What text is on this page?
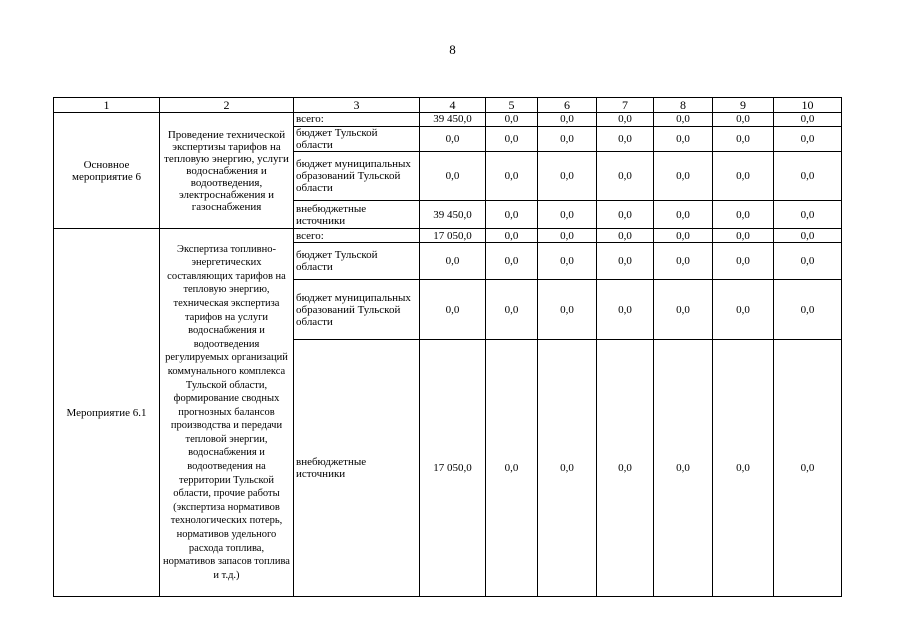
8
1	2	3	4	5	6	7	8	9	10
Основное мероприятие 6	Проведение технической экспертизы тарифов на тепловую энергию, услуги водоснабжения и водоотведения, электроснабжения и газоснабжения	всего:	39 450,0	0,0	0,0	0,0	0,0	0,0	0,0
		бюджет Тульской области	0,0	0,0	0,0	0,0	0,0	0,0	0,0
		бюджет муниципальных образований Тульской области	0,0	0,0	0,0	0,0	0,0	0,0	0,0
		внебюджетные источники	39 450,0	0,0	0,0	0,0	0,0	0,0	0,0
Мероприятие 6.1	Экспертиза топливно-энергетических составляющих тарифов на тепловую энергию, техническая экспертиза тарифов на услуги водоснабжения и водоотведения регулируемых организаций коммунального комплекса Тульской области, формирование сводных прогнозных балансов производства и передачи тепловой энергии, водоснабжения и водоотведения на территории Тульской области, прочие работы (экспертиза нормативов технологических потерь, нормативов удельного расхода топлива, нормативов запасов топлива и т.д.)	всего:	17 050,0	0,0	0,0	0,0	0,0	0,0	0,0
		бюджет Тульской области	0,0	0,0	0,0	0,0	0,0	0,0	0,0
		бюджет муниципальных образований Тульской области	0,0	0,0	0,0	0,0	0,0	0,0	0,0
		внебюджетные источники	17 050,0	0,0	0,0	0,0	0,0	0,0	0,0
